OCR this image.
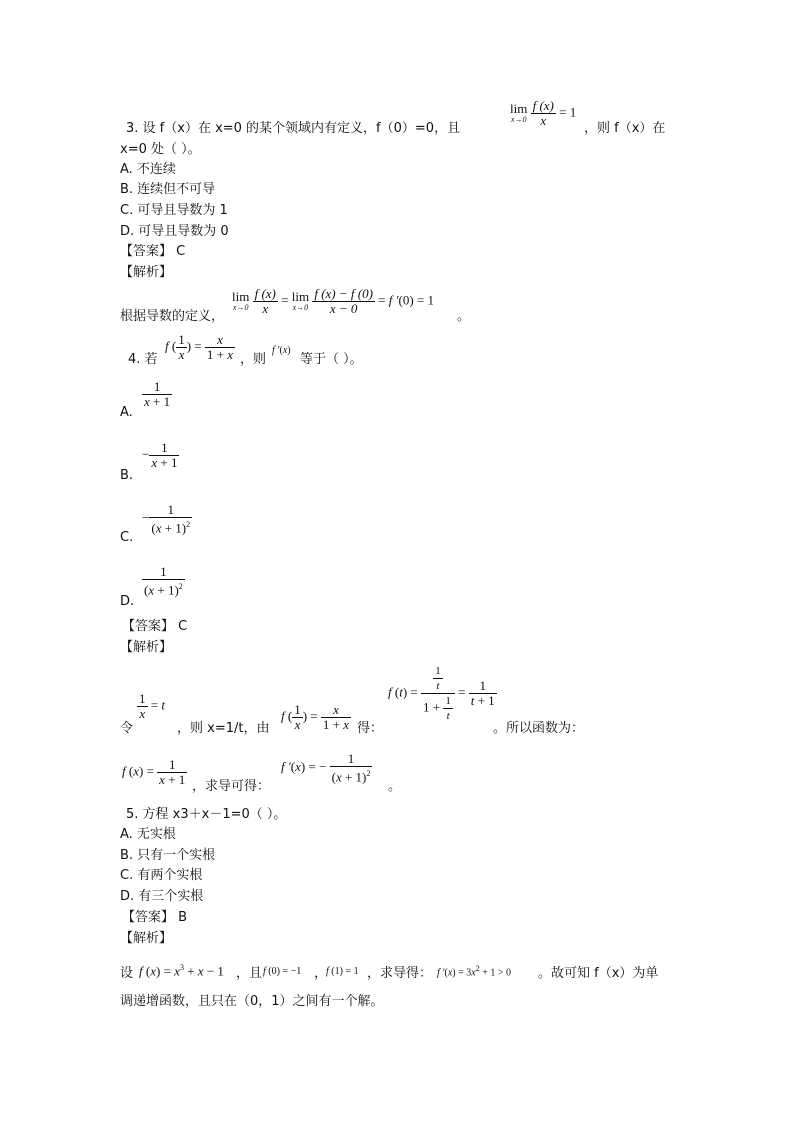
3. 设 f（x）在 x=0 的某个领域内有定义，f（0）=0，且
lim
x→0
$\frac{f (x)}{x} = 1$
，则 f（x）在
x=0 处（ ）。
A. 不连续
B. 连续但不可导
C. 可导且导数为 1
D. 可导且导数为 0
【答案】 C
【解析】
根据导数的定义，
lim
x→0
$\frac{f (x)}{x} = \lim$
x→0
$\frac{f (x) - f (0)}{x - 0} = f$ ′(0) = 1
。
4. 若
f ( $\frac{1}{x}$ ) = $\frac{x}{1 + x}$ ，则
f ′(x)
等于（ ）。
A.
$\frac{1}{x + 1}$
B.
− $\frac{1}{x + 1}$
C.
− $\frac{1}{(x + 1)^2}$
D.
$\frac{1}{(x + 1)^2}$
【答案】 C
【解析】
令
$\frac{1}{x} = t$
，则 x=1/t，由
f ( $\frac{1}{x}$ ) = $\frac{x}{1 + x}$ 得：
f $(t) = \frac{\frac{1}{t}}{1 + \frac{1}{t}} = \frac{1}{t + 1}$
。所以函数为：
f $(x) = \frac{1}{x + 1}$ ，求导可得：
f ′(x) = − $\frac{1}{(x + 1)^2}$
。
5. 方程 x3＋x－1=0（ ）。
A. 无实根
B. 只有一个实根
C. 有两个实根
D. 有三个实根
【答案】 B
【解析】
设 f $(x) = x^3 + x - 1$ ，且 f (0) = −1 ，
f (1) = 1 ，求导得： f $'(x) = 3x^2 + 1 > 0$ 。故可知 f（x）为单
调递增函数，且只在（0，1）之间有一个解。
